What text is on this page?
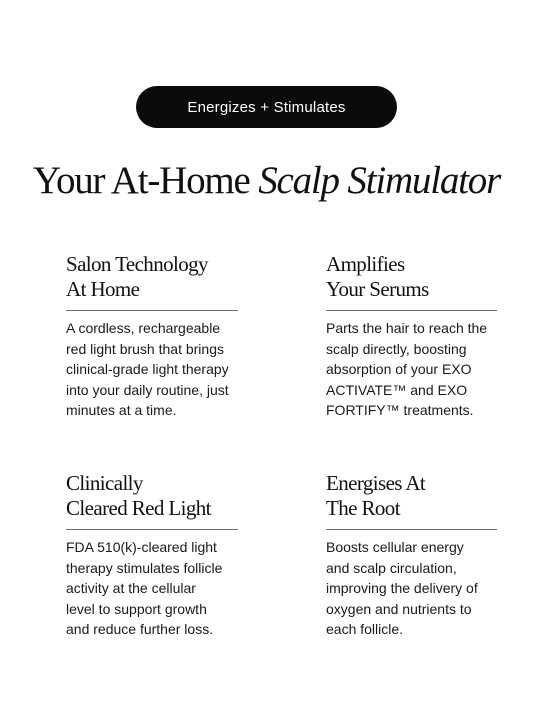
Energizes + Stimulates
Your At-Home Scalp Stimulator
Salon Technology
At Home
A cordless, rechargeable
red light brush that brings
clinical-grade light therapy
into your daily routine, just
minutes at a time.
Amplifies
Your Serums
Parts the hair to reach the
scalp directly, boosting
absorption of your EXO
ACTIVATE™ and EXO
FORTIFY™ treatments.
Clinically
Cleared Red Light
FDA 510(k)-cleared light
therapy stimulates follicle
activity at the cellular
level to support growth
and reduce further loss.
Energises At
The Root
Boosts cellular energy
and scalp circulation,
improving the delivery of
oxygen and nutrients to
each follicle.
